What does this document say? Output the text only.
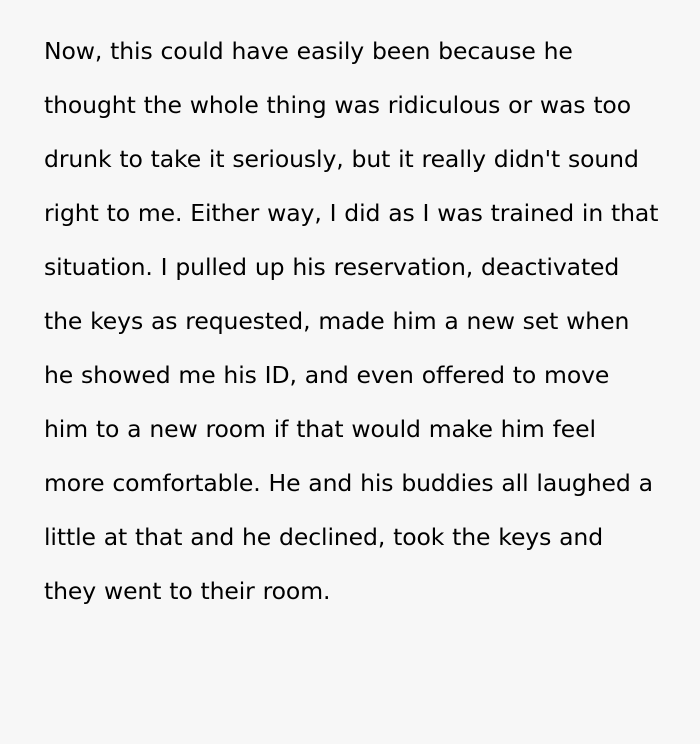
Now, this could have easily been because he thought the whole thing was ridiculous or was too drunk to take it seriously, but it really didn't sound right to me. Either way, I did as I was trained in that situation. I pulled up his reservation, deactivated the keys as requested, made him a new set when he showed me his ID, and even offered to move him to a new room if that would make him feel more comfortable. He and his buddies all laughed a little at that and he declined, took the keys and they went to their room.
